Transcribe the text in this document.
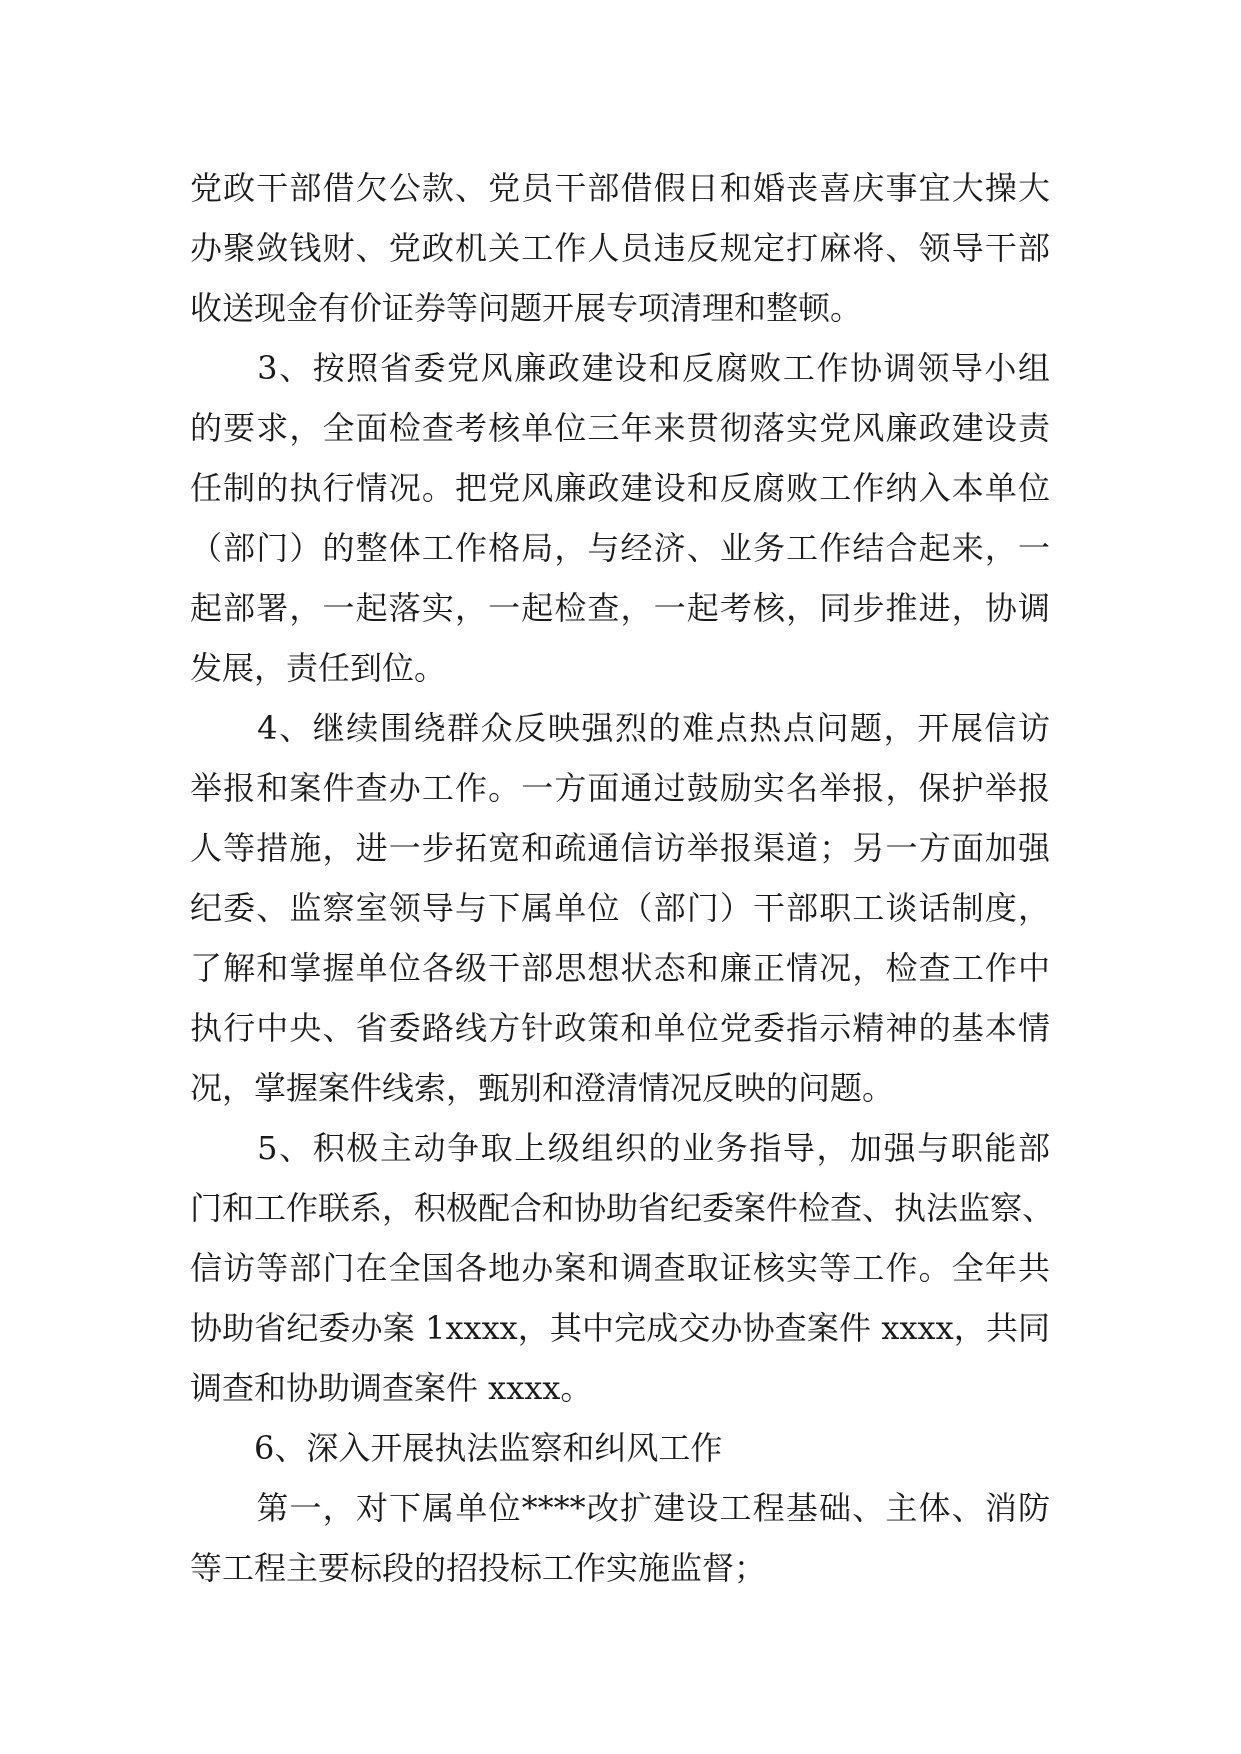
党政干部借欠公款、党员干部借假日和婚丧喜庆事宜大操大
办聚敛钱财、党政机关工作人员违反规定打麻将、领导干部
收送现金有价证券等问题开展专项清理和整顿。
　　3、按照省委党风廉政建设和反腐败工作协调领导小组
的要求，全面检查考核单位三年来贯彻落实党风廉政建设责
任制的执行情况。把党风廉政建设和反腐败工作纳入本单位
（部门）的整体工作格局，与经济、业务工作结合起来，一
起部署，一起落实，一起检查，一起考核，同步推进，协调
发展，责任到位。
　　4、继续围绕群众反映强烈的难点热点问题，开展信访
举报和案件查办工作。一方面通过鼓励实名举报，保护举报
人等措施，进一步拓宽和疏通信访举报渠道；另一方面加强
纪委、监察室领导与下属单位（部门）干部职工谈话制度，
了解和掌握单位各级干部思想状态和廉正情况，检查工作中
执行中央、省委路线方针政策和单位党委指示精神的基本情
况，掌握案件线索，甄别和澄清情况反映的问题。
　　5、积极主动争取上级组织的业务指导，加强与职能部
门和工作联系，积极配合和协助省纪委案件检查、执法监察、
信访等部门在全国各地办案和调查取证核实等工作。全年共
协助省纪委办案 1xxxx，其中完成交办协查案件 xxxx，共同
调查和协助调查案件 xxxx。
　　6、深入开展执法监察和纠风工作
　　第一，对下属单位****改扩建设工程基础、主体、消防
等工程主要标段的招投标工作实施监督；
